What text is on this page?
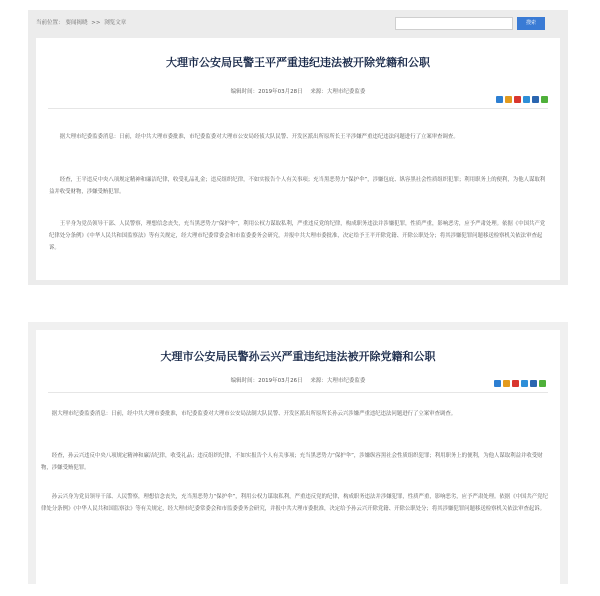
当前位置： 要闻揭晓 >> 浏览文章	搜索
大理市公安局民警王平严重违纪违法被开除党籍和公职
编辑时间：2019年03月28日 来源：大理市纪委监委

据大理市纪委监委消息：日前，经中共大理市委批准，市纪委监委对大理市公安局经侦大队民警、开发区派出所原所长王平涉嫌严重违纪违法问题进行了立案审查调查。

经查，王平违反中央八项规定精神和廉洁纪律，收受礼品礼金；违反组织纪律，不如实报告个人有关事项；充当黑恶势力“保护伞”，涉嫌包庇、纵容黑社会性质组织犯罪；利用职务上的便利，为他人谋取利益并收受财物，涉嫌受贿犯罪。

王平身为党员领导干部、人民警察，理想信念丧失，充当黑恶势力“保护伞”，利用公权力谋取私利，严重违反党的纪律，构成职务违法并涉嫌犯罪，性质严重，影响恶劣，应予严肃处理。依据《中国共产党纪律处分条例》《中华人民共和国监察法》等有关规定，经大理市纪委常委会和市监委委务会研究，并报中共大理市委批准，决定给予王平开除党籍、开除公职处分；将其涉嫌犯罪问题移送检察机关依法审查起诉。

大理市公安局民警孙云兴严重违纪违法被开除党籍和公职
编辑时间：2019年03月26日 来源：大理市纪委监委

据大理市纪委监委消息：日前，经中共大理市委批准，市纪委监委对大理市公安局法制大队民警、开发区派出所原所长孙云兴涉嫌严重违纪违法问题进行了立案审查调查。

经查，孙云兴违反中央八项规定精神和廉洁纪律，收受礼品；违反组织纪律，不如实报告个人有关事项；充当黑恶势力“保护伞”，涉嫌纵容黑社会性质组织犯罪；利用职务上的便利，为他人谋取利益并收受财物，涉嫌受贿犯罪。

孙云兴身为党员领导干部、人民警察，理想信念丧失，充当黑恶势力“保护伞”，利用公权力谋取私利，严重违反党的纪律，构成职务违法并涉嫌犯罪，性质严重，影响恶劣，应予严肃处理。依据《中国共产党纪律处分条例》《中华人民共和国监察法》等有关规定，经大理市纪委常委会和市监委委务会研究，并报中共大理市委批准，决定给予孙云兴开除党籍、开除公职处分；将其涉嫌犯罪问题移送检察机关依法审查起诉。
